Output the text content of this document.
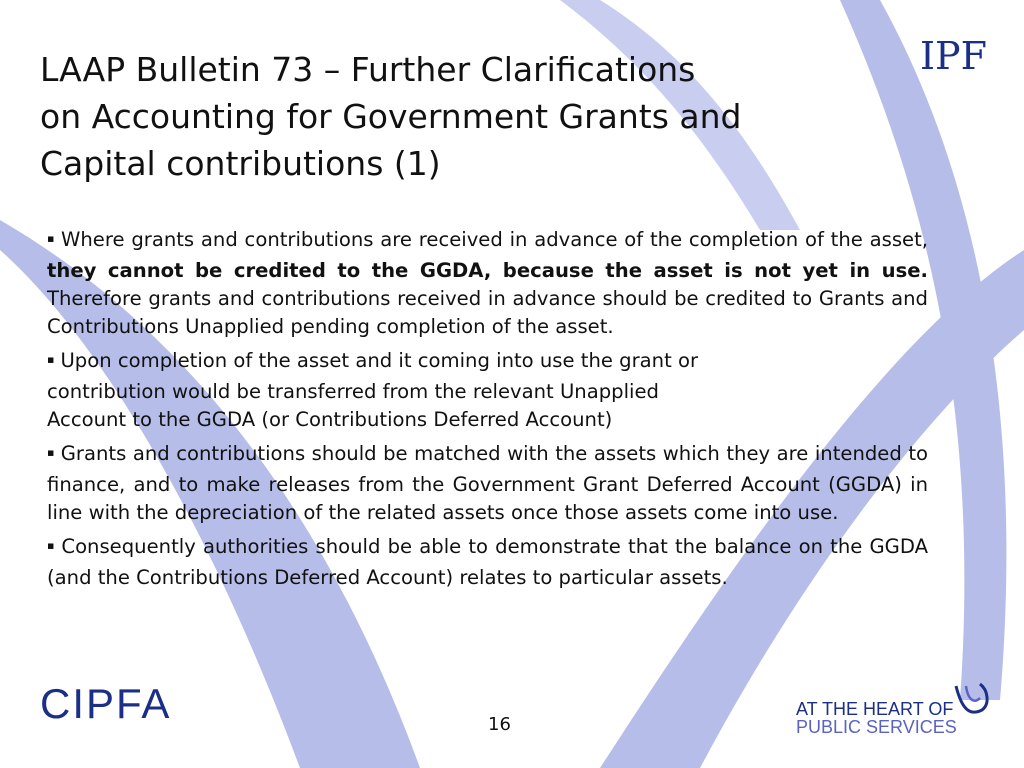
LAAP Bulletin 73 – Further Clarifications
on Accounting for Government Grants and
Capital contributions (1)
IPF

▪ Where grants and contributions are received in advance of the completion of the asset, they cannot be credited to the GGDA, because the asset is not yet in use. Therefore grants and contributions received in advance should be credited to Grants and Contributions Unapplied pending completion of the asset.

▪ Upon completion of the asset and it coming into use the grant or
contribution would be transferred from the relevant Unapplied
Account to the GGDA (or Contributions Deferred Account)

▪ Grants and contributions should be matched with the assets which they are intended to finance, and to make releases from the Government Grant Deferred Account (GGDA) in line with the depreciation of the related assets once those assets come into use.

▪ Consequently authorities should be able to demonstrate that the balance on the GGDA (and the Contributions Deferred Account) relates to particular assets.

CIPFA	16
AT THE HEART OF
PUBLIC SERVICES
